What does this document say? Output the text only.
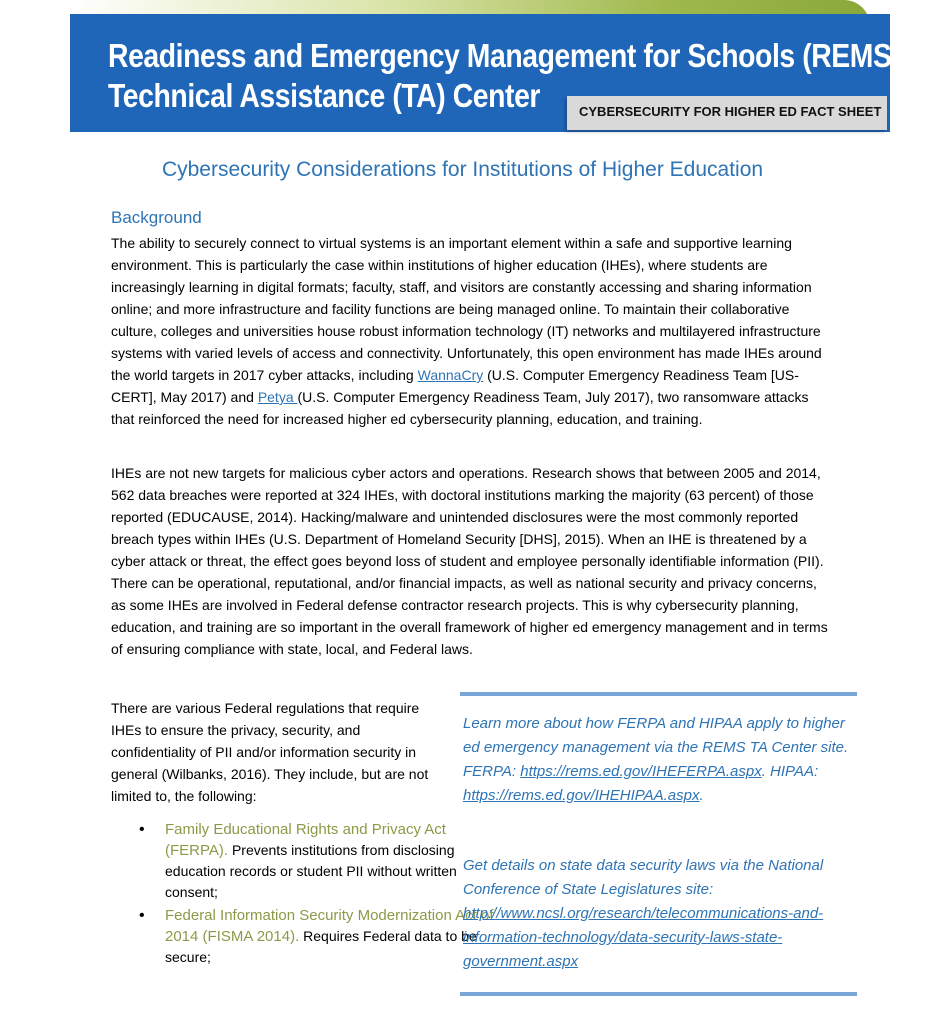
Readiness and Emergency Management for Schools (REMS)
Technical Assistance (TA) Center	CYBERSECURITY FOR HIGHER ED FACT SHEET
Cybersecurity Considerations for Institutions of Higher Education
Background
The ability to securely connect to virtual systems is an important element within a safe and supportive learning environment. This is particularly the case within institutions of higher education (IHEs), where students are increasingly learning in digital formats; faculty, staff, and visitors are constantly accessing and sharing information online; and more infrastructure and facility functions are being managed online. To maintain their collaborative culture, colleges and universities house robust information technology (IT) networks and multilayered infrastructure systems with varied levels of access and connectivity. Unfortunately, this open environment has made IHEs around the world targets in 2017 cyber attacks, including WannaCry (U.S. Computer Emergency Readiness Team [US-CERT], May 2017) and Petya (U.S. Computer Emergency Readiness Team, July 2017), two ransomware attacks that reinforced the need for increased higher ed cybersecurity planning, education, and training.
IHEs are not new targets for malicious cyber actors and operations. Research shows that between 2005 and 2014, 562 data breaches were reported at 324 IHEs, with doctoral institutions marking the majority (63 percent) of those reported (EDUCAUSE, 2014). Hacking/malware and unintended disclosures were the most commonly reported breach types within IHEs (U.S. Department of Homeland Security [DHS], 2015). When an IHE is threatened by a cyber attack or threat, the effect goes beyond loss of student and employee personally identifiable information (PII). There can be operational, reputational, and/or financial impacts, as well as national security and privacy concerns, as some IHEs are involved in Federal defense contractor research projects. This is why cybersecurity planning, education, and training are so important in the overall framework of higher ed emergency management and in terms of ensuring compliance with state, local, and Federal laws.
There are various Federal regulations that require IHEs to ensure the privacy, security, and confidentiality of PII and/or information security in general (Wilbanks, 2016). They include, but are not limited to, the following:
• Family Educational Rights and Privacy Act (FERPA). Prevents institutions from disclosing education records or student PII without written consent;
• Federal Information Security Modernization Act of 2014 (FISMA 2014). Requires Federal data to be secure;
Learn more about how FERPA and HIPAA apply to higher ed emergency management via the REMS TA Center site. FERPA: https://rems.ed.gov/IHEFERPA.aspx. HIPAA: https://rems.ed.gov/IHEHIPAA.aspx.
Get details on state data security laws via the National Conference of State Legislatures site: http://www.ncsl.org/research/telecommunications-and-information-technology/data-security-laws-state-government.aspx
